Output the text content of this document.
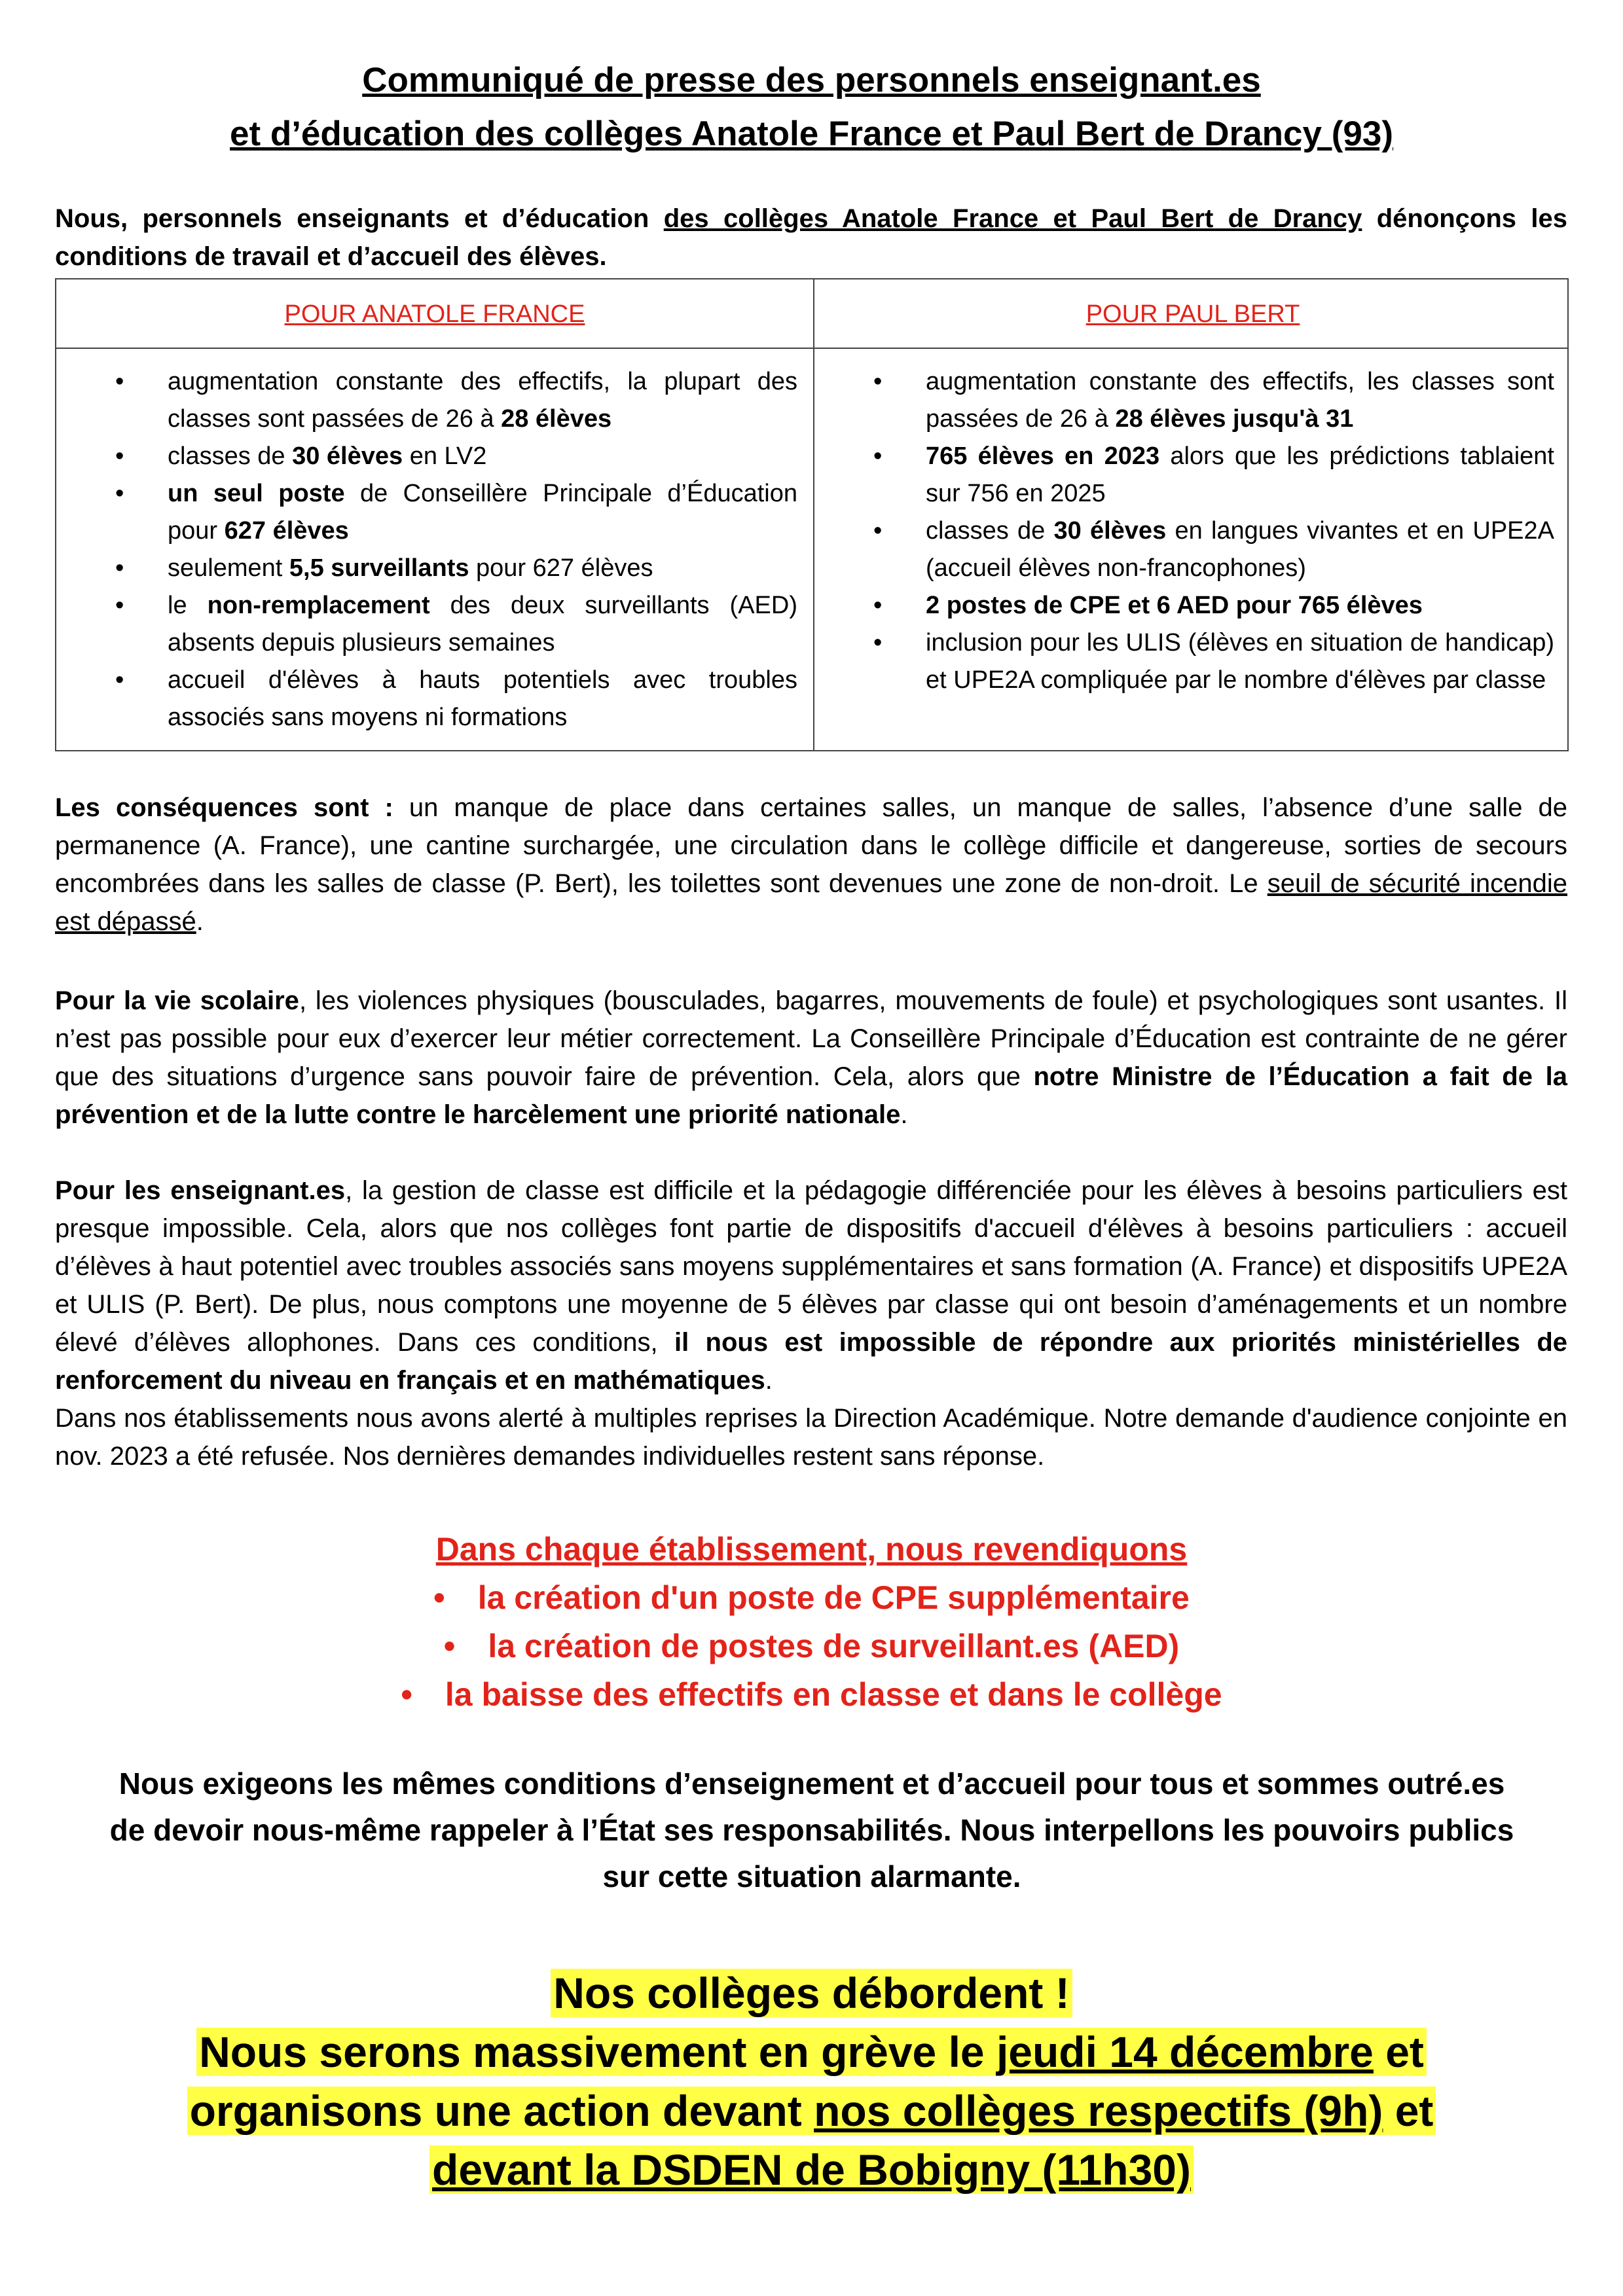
Communiqué de presse des personnels enseignant.es
et d’éducation des collèges Anatole France et Paul Bert de Drancy (93)
Nous, personnels enseignants et d’éducation des collèges Anatole France et Paul Bert de Drancy dénonçons les conditions de travail et d’accueil des élèves.
POUR ANATOLE FRANCE	POUR PAUL BERT
• augmentation constante des effectifs, la plupart des classes sont passées de 26 à 28 élèves
• classes de 30 élèves en LV2
• un seul poste de Conseillère Principale d’Éducation pour 627 élèves
• seulement 5,5 surveillants pour 627 élèves
• le non-remplacement des deux surveillants (AED) absents depuis plusieurs semaines
• accueil d'élèves à hauts potentiels avec troubles associés sans moyens ni formations
• augmentation constante des effectifs, les classes sont passées de 26 à 28 élèves jusqu'à 31
• 765 élèves en 2023 alors que les prédictions tablaient sur 756 en 2025
• classes de 30 élèves en langues vivantes et en UPE2A (accueil élèves non-francophones)
• 2 postes de CPE et 6 AED pour 765 élèves
• inclusion pour les ULIS (élèves en situation de handicap) et UPE2A compliquée par le nombre d'élèves par classe
Les conséquences sont : un manque de place dans certaines salles, un manque de salles, l’absence d’une salle de permanence (A. France), une cantine surchargée, une circulation dans le collège difficile et dangereuse, sorties de secours encombrées dans les salles de classe (P. Bert), les toilettes sont devenues une zone de non-droit. Le seuil de sécurité incendie est dépassé.
Pour la vie scolaire, les violences physiques (bousculades, bagarres, mouvements de foule) et psychologiques sont usantes. Il n’est pas possible pour eux d’exercer leur métier correctement. La Conseillère Principale d’Éducation est contrainte de ne gérer que des situations d’urgence sans pouvoir faire de prévention. Cela, alors que notre Ministre de l’Éducation a fait de la prévention et de la lutte contre le harcèlement une priorité nationale.
Pour les enseignant.es, la gestion de classe est difficile et la pédagogie différenciée pour les élèves à besoins particuliers est presque impossible. Cela, alors que nos collèges font partie de dispositifs d'accueil d'élèves à besoins particuliers : accueil d’élèves à haut potentiel avec troubles associés sans moyens supplémentaires et sans formation (A. France) et dispositifs UPE2A et ULIS (P. Bert). De plus, nous comptons une moyenne de 5 élèves par classe qui ont besoin d’aménagements et un nombre élevé d’élèves allophones. Dans ces conditions, il nous est impossible de répondre aux priorités ministérielles de renforcement du niveau en français et en mathématiques.
Dans nos établissements nous avons alerté à multiples reprises la Direction Académique. Notre demande d'audience conjointe en nov. 2023 a été refusée. Nos dernières demandes individuelles restent sans réponse.
Dans chaque établissement, nous revendiquons
• la création d'un poste de CPE supplémentaire
• la création de postes de surveillant.es (AED)
• la baisse des effectifs en classe et dans le collège
Nous exigeons les mêmes conditions d’enseignement et d’accueil pour tous et sommes outré.es de devoir nous-même rappeler à l’État ses responsabilités. Nous interpellons les pouvoirs publics sur cette situation alarmante.
Nos collèges débordent !
Nous serons massivement en grève le jeudi 14 décembre et
organisons une action devant nos collèges respectifs (9h) et
devant la DSDEN de Bobigny (11h30)
